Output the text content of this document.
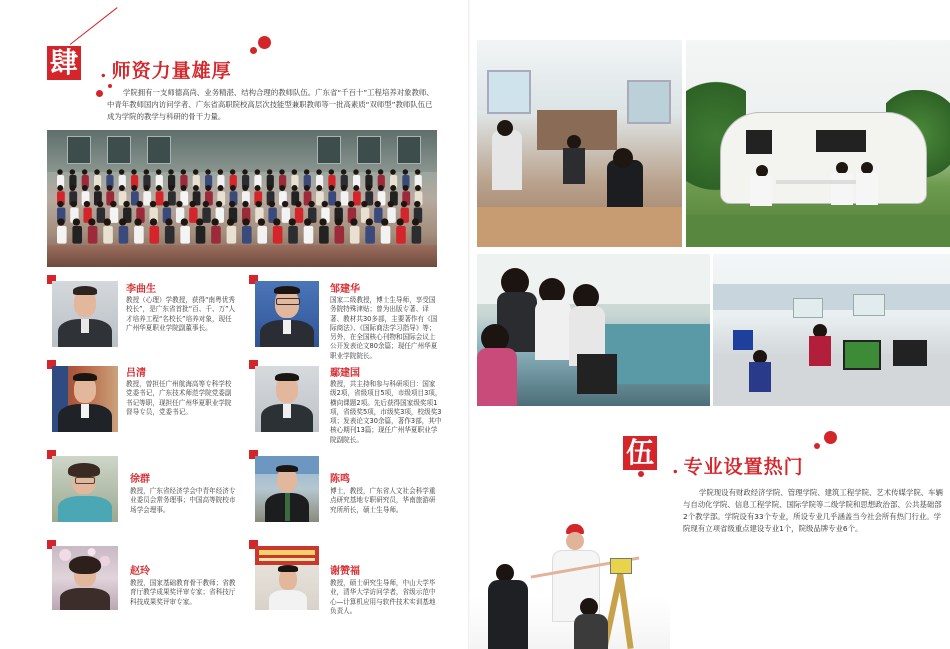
肆 . 师资力量雄厚
学院拥有一支师德高尚、业务精湛、结构合理的教师队伍。广东省“千百十”工程培养对象教师、中青年教师国内访问学者、广东省高职院校高层次技能型兼职教师等一批高素质“双师型”教师队伍已成为学院的教学与科研的骨干力量。
李曲生
教授（心理）学教授，获得“南粤优秀校长”，是广东省首批“百、千、万”人才培养工程“名校长”培养对象，现任广州华夏职业学院副董事长。
邹建华
国家二级教授，博士生导师，享受国务院特殊津贴；曾为出版专著、译著、教材共30多部，主要著作有《国际商法》、《国际商法学习指导》等；另外，在全国核心刊物和国际会议上公开发表论文80余篇；现任广州华夏职业学院院长。
吕清
教授，曾担任广州航海高等专科学校党委书记，广东技术师范学院党委副书记等职，现担任广州华夏职业学院督导专员，党委书记。
鄢建国
教授，共主持和参与科研项目：国家级2项，省级项目5项，市级项目3项，横向课题2项。先后获得国家级奖项1项，省级奖5项，市级奖3项，校级奖3项；发表论文30余篇，著作3部，其中核心期刊13篇；现任广州华夏职业学院副院长。
徐群
教授，广东省经济学会中青年经济专业委员会常务理事；中国高等院校市场学会理事。
陈鸣
博士，教授，广东省人文社会科学重点研究基地专职研究员，华南旅游研究所所长，硕士生导师。
赵玲
教授，国家基础教育骨干教师；省教育厅教学成果奖评审专家；省科技厅科技成果奖评审专家。
谢赞福
教授，硕士研究生导师，中山大学毕业，清华大学访问学者，省级示范中心—计算机应用与软件技术实训基地负责人。
伍 . 专业设置热门
学院现设有财政经济学院、管理学院、建筑工程学院、艺术传媒学院、车辆与自动化学院、信息工程学院、国际学院等二级学院和思想政治部、公共基础部2个教学部。学院设有33个专业，所设专业几乎涵盖当今社会所有热门行业。学院现有立项省级重点建设专业1个，院级品牌专业6个。
